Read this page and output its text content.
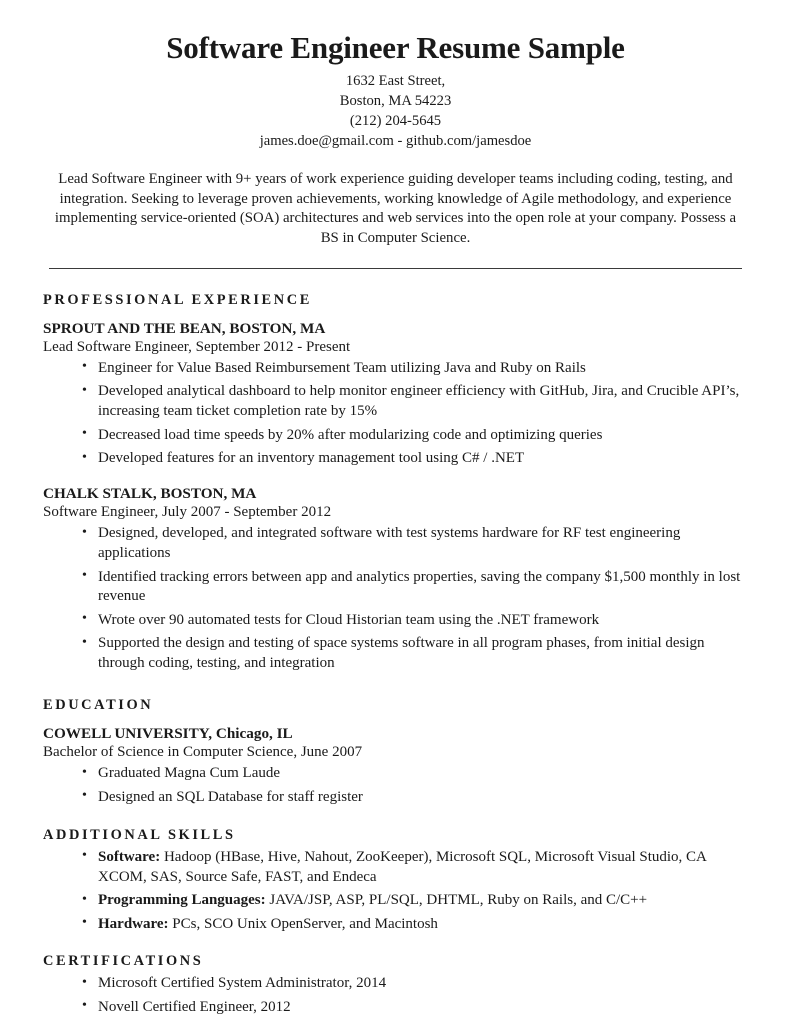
Software Engineer Resume Sample
1632 East Street,
Boston, MA 54223
(212) 204-5645
james.doe@gmail.com - github.com/jamesdoe

Lead Software Engineer with 9+ years of work experience guiding developer teams including coding, testing, and integration. Seeking to leverage proven achievements, working knowledge of Agile methodology, and experience implementing service-oriented (SOA) architectures and web services into the open role at your company. Possess a BS in Computer Science.

PROFESSIONAL EXPERIENCE

SPROUT AND THE BEAN, BOSTON, MA

Lead Software Engineer, September 2012 - Present

• Engineer for Value Based Reimbursement Team utilizing Java and Ruby on Rails
• Developed analytical dashboard to help monitor engineer efficiency with GitHub, Jira, and Crucible API’s, increasing team ticket completion rate by 15%
• Decreased load time speeds by 20% after modularizing code and optimizing queries
• Developed features for an inventory management tool using C# / .NET

CHALK STALK, BOSTON, MA

Software Engineer, July 2007 - September 2012

• Designed, developed, and integrated software with test systems hardware for RF test engineering applications
• Identified tracking errors between app and analytics properties, saving the company $1,500 monthly in lost revenue
• Wrote over 90 automated tests for Cloud Historian team using the .NET framework
• Supported the design and testing of space systems software in all program phases, from initial design through coding, testing, and integration
EDUCATION

COWELL UNIVERSITY, Chicago, IL

Bachelor of Science in Computer Science, June 2007

• Graduated Magna Cum Laude
• Designed an SQL Database for staff register
ADDITIONAL SKILLS
• Software: Hadoop (HBase, Hive, Nahout, ZooKeeper), Microsoft SQL, Microsoft Visual Studio, CA XCOM, SAS, Source Safe, FAST, and Endeca
• Programming Languages: JAVA/JSP, ASP, PL/SQL, DHTML, Ruby on Rails, and C/C++
• Hardware: PCs, SCO Unix OpenServer, and Macintosh
CERTIFICATIONS
• Microsoft Certified System Administrator, 2014
• Novell Certified Engineer, 2012
